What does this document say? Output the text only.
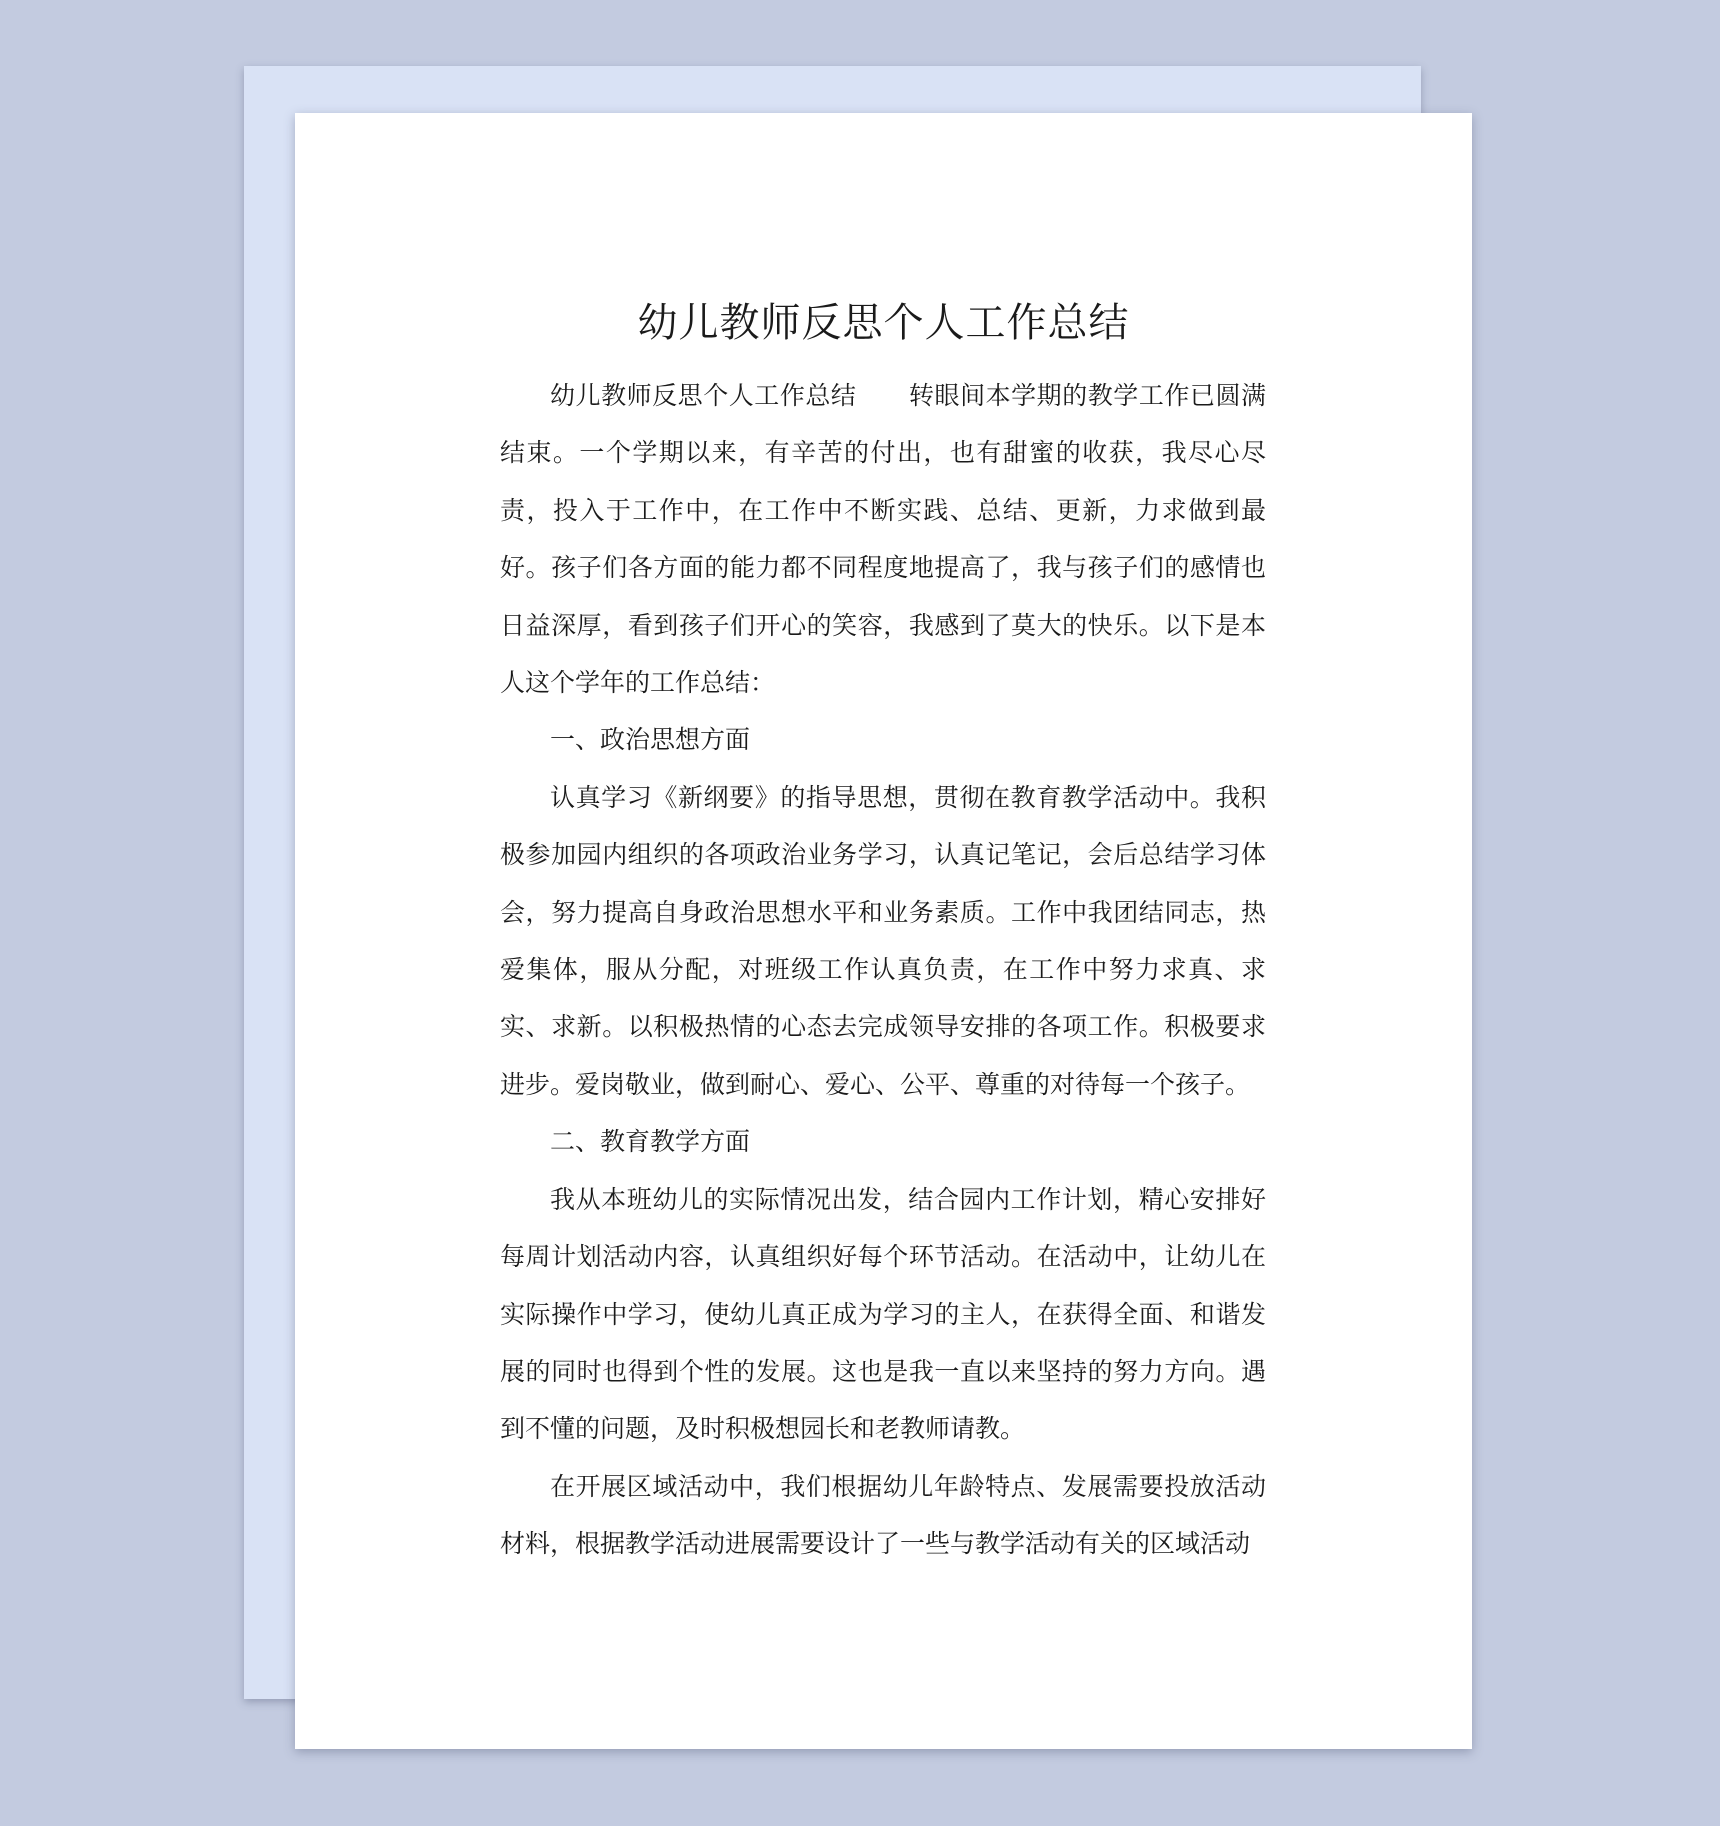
幼儿教师反思个人工作总结

幼儿教师反思个人工作总结 转眼间本学期的教学工作已圆满结束。一个学期以来，有辛苦的付出，也有甜蜜的收获，我尽心尽责，投入于工作中，在工作中不断实践、总结、更新，力求做到最好。孩子们各方面的能力都不同程度地提高了，我与孩子们的感情也日益深厚，看到孩子们开心的笑容，我感到了莫大的快乐。以下是本人这个学年的工作总结：

一、政治思想方面

认真学习《新纲要》的指导思想，贯彻在教育教学活动中。我积极参加园内组织的各项政治业务学习，认真记笔记，会后总结学习体会，努力提高自身政治思想水平和业务素质。工作中我团结同志，热爱集体，服从分配，对班级工作认真负责，在工作中努力求真、求实、求新。以积极热情的心态去完成领导安排的各项工作。积极要求进步。爱岗敬业，做到耐心、爱心、公平、尊重的对待每一个孩子。

二、教育教学方面

我从本班幼儿的实际情况出发，结合园内工作计划，精心安排好每周计划活动内容，认真组织好每个环节活动。在活动中，让幼儿在实际操作中学习，使幼儿真正成为学习的主人，在获得全面、和谐发展的同时也得到个性的发展。这也是我一直以来坚持的努力方向。遇到不懂的问题，及时积极想园长和老教师请教。

在开展区域活动中，我们根据幼儿年龄特点、发展需要投放活动材料，根据教学活动进展需要设计了一些与教学活动有关的区域活动
